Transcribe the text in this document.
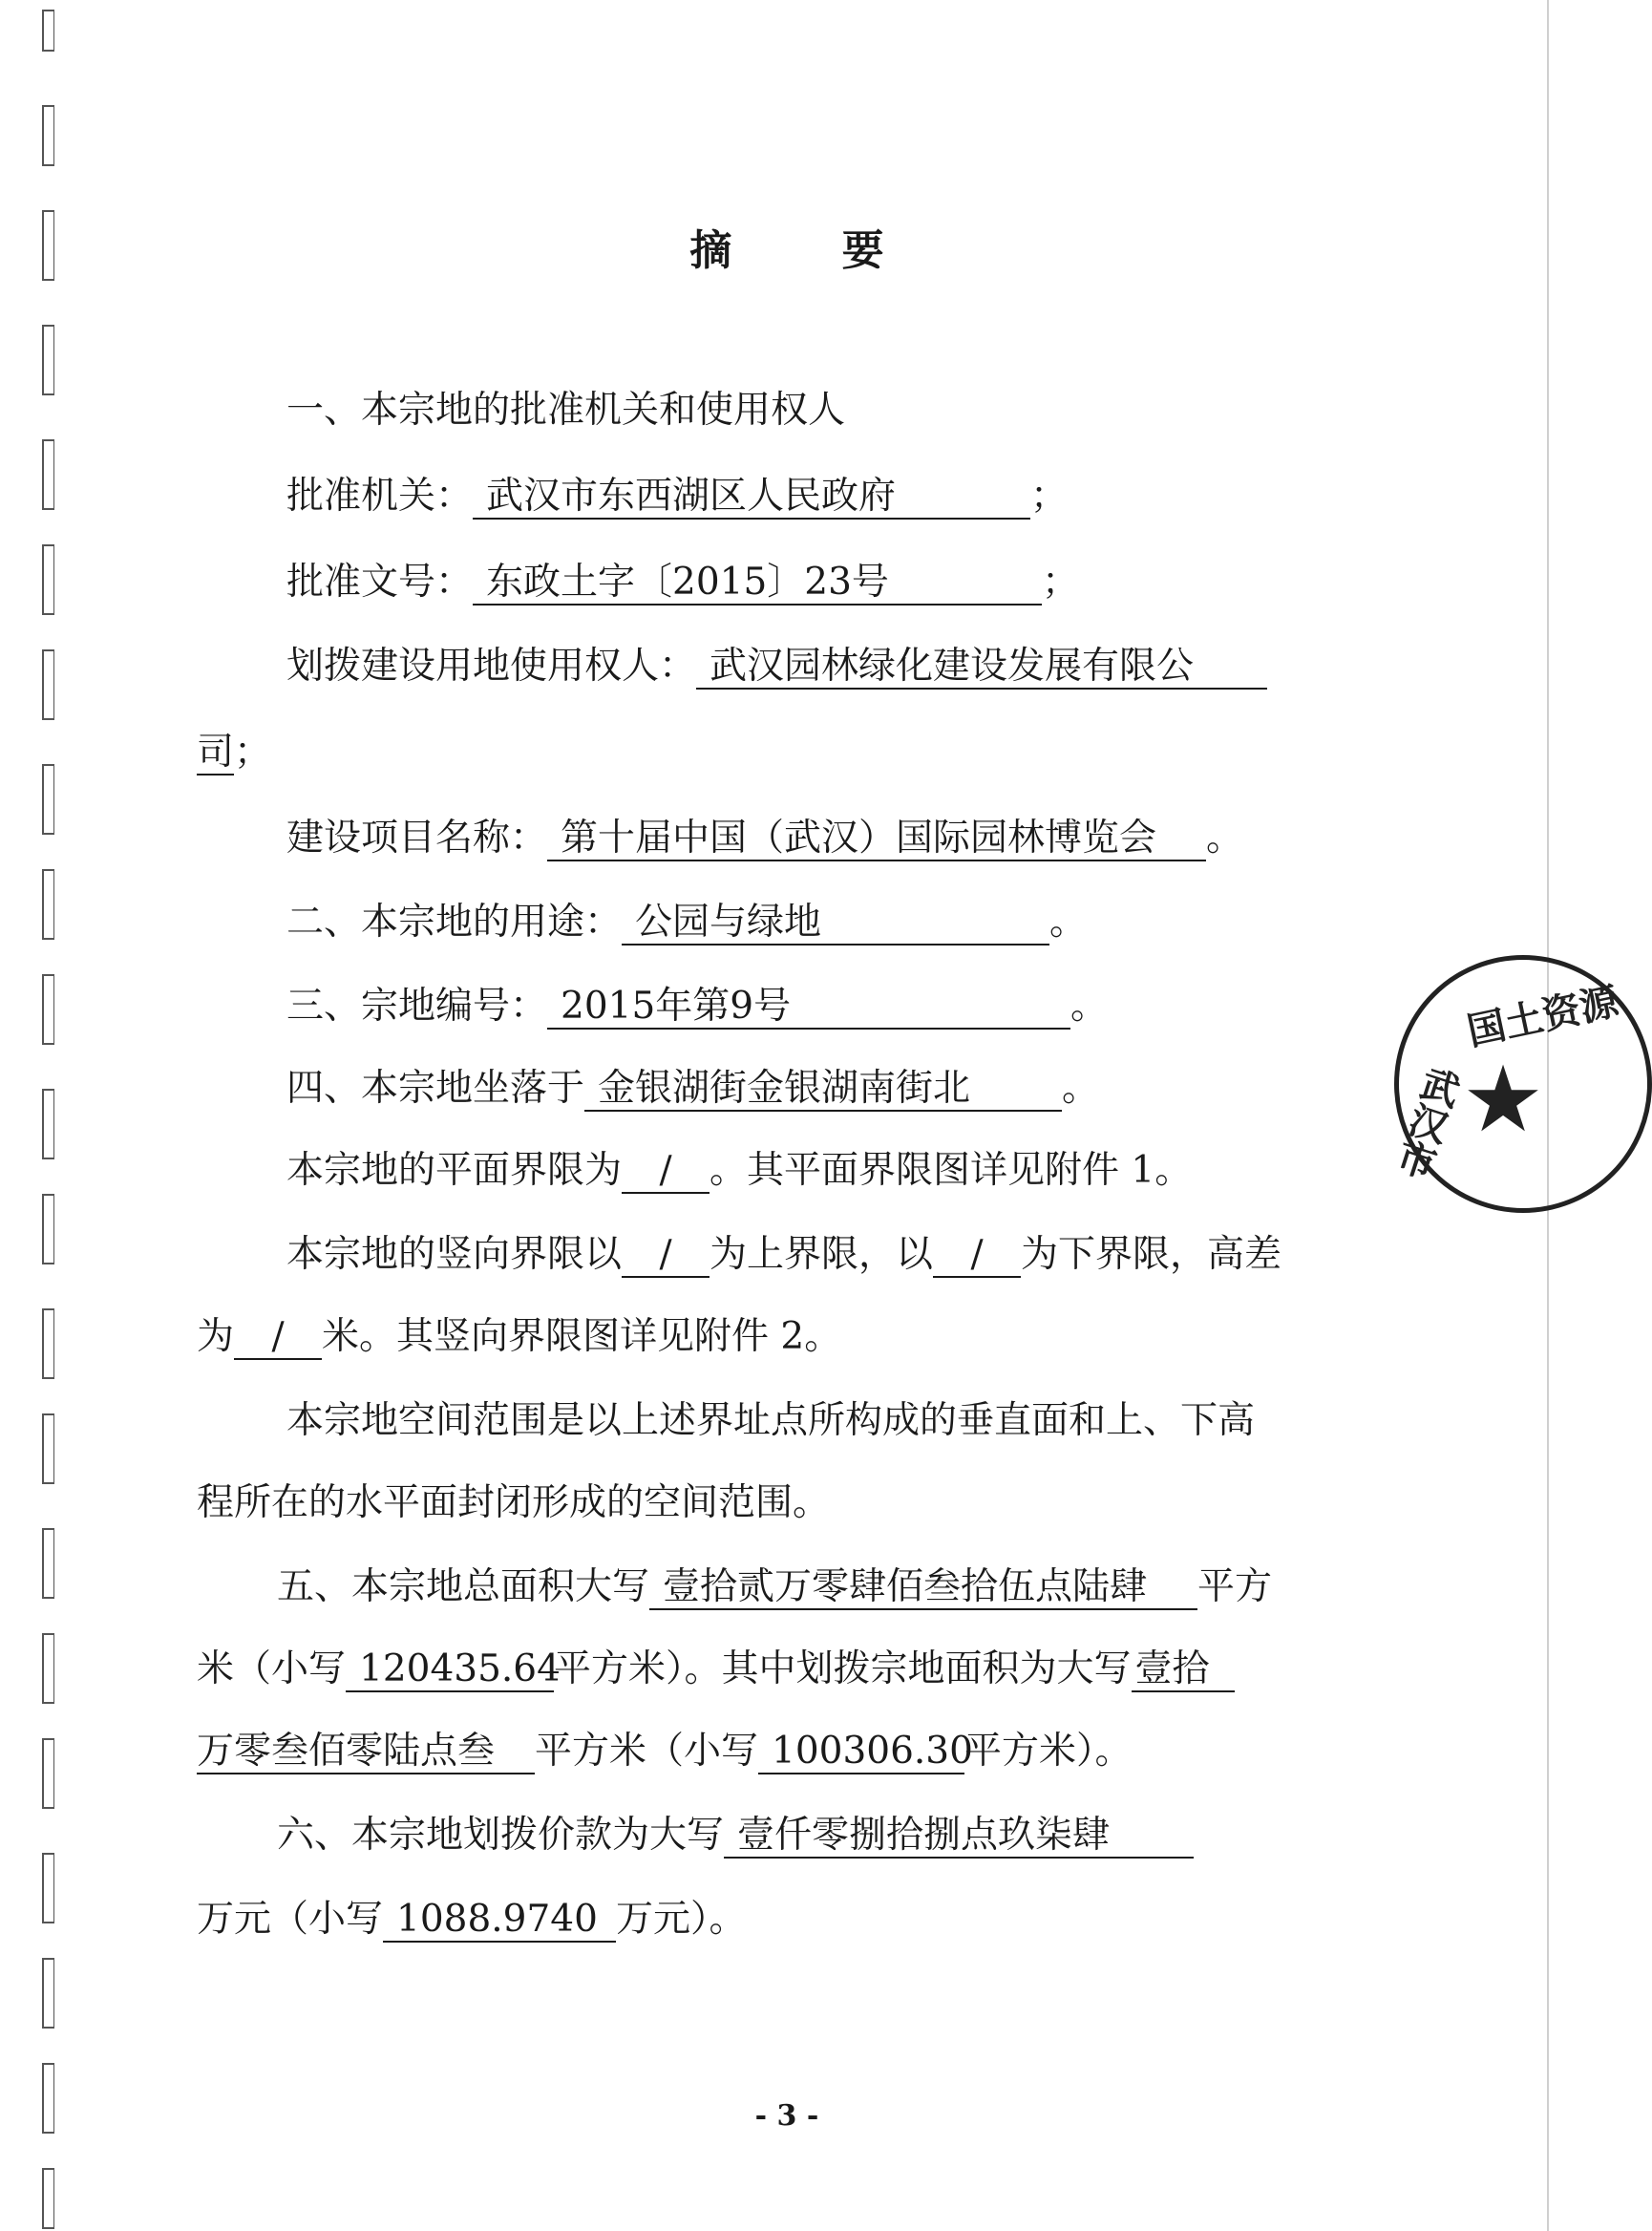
摘 要
一、本宗地的批准机关和使用权人
批准机关： 武汉市东西湖区人民政府	；
批准文号： 东政土字〔2015〕23号	；
划拨建设用地使用权人： 武汉园林绿化建设发展有限公
司；
建设项目名称： 第十届中国（武汉）国际园林博览会 。
二、本宗地的用途： 公园与绿地	。
三、宗地编号： 2015年第9号	。
四、本宗地坐落于 金银湖街金银湖南街北 。
本宗地的平面界限为 / 。其平面界限图详见附件 1。
本宗地的竖向界限以 / 为上界限，以 / 为下界限，高差
为 / 米。其竖向界限图详见附件 2。
本宗地空间范围是以上述界址点所构成的垂直面和上、下高
程所在的水平面封闭形成的空间范围。
五、本宗地总面积大写 壹拾贰万零肆佰叁拾伍点陆肆 平方
米（小写 120435.64平方米）。其中划拨宗地面积为大写 壹拾
万零叁佰零陆点叁 平方米（小写 100306.30平方米）。
六、本宗地划拨价款为大写 壹仟零捌拾捌点玖柒肆
万元（小写 1088.9740 万元）。
国土资源
武汉市
★
- 3 -
